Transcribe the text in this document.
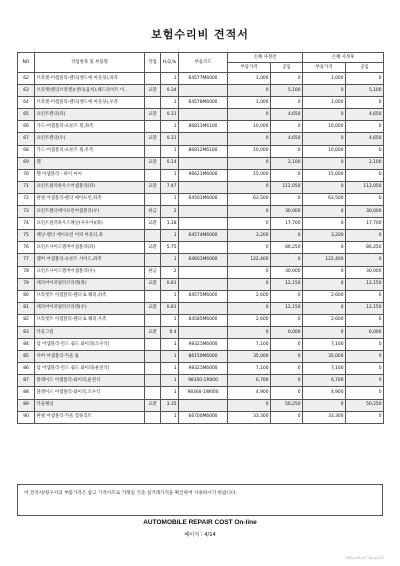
보험수리비 견적서
NO	작업항목 및 부품명	작업	H,Q,%	부품코드	손해 사정전		손해 사정후	
					부품가격	공임	부품가격	공임
62	브라켓-어셈블리-펜더(엔드에 아웃팅),좌측		1	64577M6000	1,000	0	1,000	0
63	브라켓(펜더브라켓)(센터(옵쳐),헤드라이트 이..	교환	0.34		0	5,100	0	5,100
64	브라켓-어셈블리-펜더(엔드에 아웃팅),우측		1	64578M6000	1,000	0	1,000	0
65	프런트펜더(좌)	교환	0.31		0	4,650	0	4,650
66	가드-어셈블리-프론트 휠,좌측		1	86811M6100	10,000	0	10,000	0
67	프런트펜더(우)	교환	0.31		0	4,650	0	4,650
68	가드-어셈블리-프론트 휠,우측		1	86812M6100	10,000	0	10,000	0
69	휀	교환	0.14		0	2,100	0	2,100
70	휀 어셈블리 - 하이 씨씨		1	96621M6000	15,000	0	15,000	0
71	프런트필러하우스어셈블리(좌)	교환	7.47		0	112,050	0	112,050
72	판넬 어셈블리-펜더 에이프런,좌측		1	64501M6000	63,500	0	63,500	0
73	프런트펜더에이프런어셈블리(우)	판금	2		0	30,000	0	30,000
74	프런트필러하우스패널(사우어)(좌)	교환	1.18		0	17,700	0	17,700
75	패널-펜더 에이프런 어퍼 아웃터,좌		1	64574M6000	3,200	0	3,200	0
76	프런트사이드멤버어셈블리(좌)	교환	5.75		0	86,250	0	86,250
77	멤버 어셈블리-프론트 사이드,좌측		1	64601M6000	122,400	0	122,400	0
78	프런트사이드멤버어셈블리(우)	판금	2		0	30,000	0	30,000
79	캐리어어퍼필러브라켓(좌)	교환	0.81		0	12,150	0	12,150
80	브라켓트 어셈블리-펜더 & 헤퍼,좌측		1	64575M6000	2,600	0	2,600	0
81	캐리어어퍼필러브라켓(우)	교환	0.81		0	12,150	0	12,150
82	브라켓트 어셈블리-펜더 & 헤퍼,우측		1	64585M6000	2,600	0	2,600	0
83	카울그릴	교환	0.4		0	6,000	0	6,000
84	암 어셈블리-윈드 쉴드 와이퍼(조수석)		1	98321M6000	7,100	0	7,100	0
85	커버 어셈블리-카울 톱		1	86150M6000	35,000	0	35,000	0
86	암 어셈블리-윈드 쉴드 와이퍼(운전석)		1	98321M6000	7,100	0	7,100	0
87	블레이드 어셈블리-와이퍼,운전석		1	98350-1R000	6,700	0	6,700	0
88	블레이드 어셈블리-와이퍼,조수석		1	98360-1W000	4,900	0	4,900	0
89	카울패널	교환	3.35		0	50,250	0	50,250
90	판넬 어셈블리-카울 컴플리트		1	66700M6000	33,300	0	33,300	0
이 견적서/청구서의 부품가격은 참고 가격이므로 거래일 기준 실거래가격을 확인하여 사용하시기 바랍니다.
AUTOMOBILE REPAIR COST On-line
페이지 : 4/14
2024-04-17 14:21:47
